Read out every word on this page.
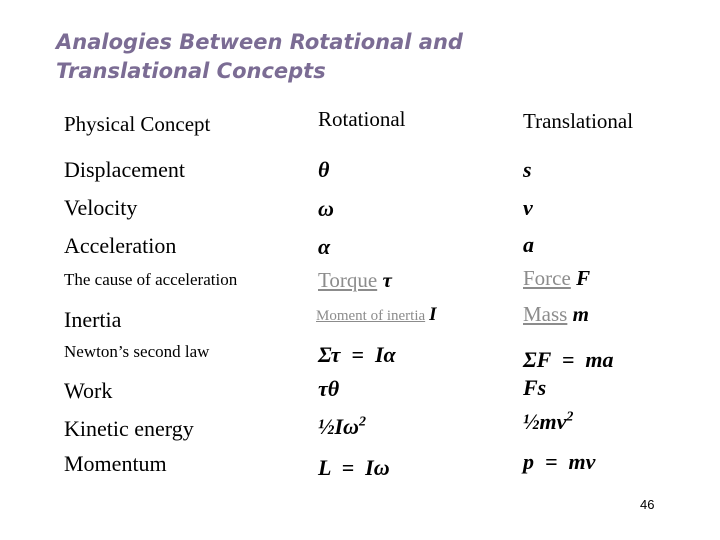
Analogies Between Rotational and
Translational Concepts
Physical Concept	Rotational	Translational
Displacement	θ	s
Velocity	ω	v
Acceleration	α	a
The cause of acceleration	Torque τ	Force F
Inertia	Moment of inertia I	Mass m
Newton’s second law	Στ  =  Iα	ΣF  =  ma
Work	τθ	Fs
Kinetic energy	$\frac{1}{2}I\omega^2$	$\frac{1}{2}mv^2$
Momentum	L  =  Iω	p  =  mv
46
